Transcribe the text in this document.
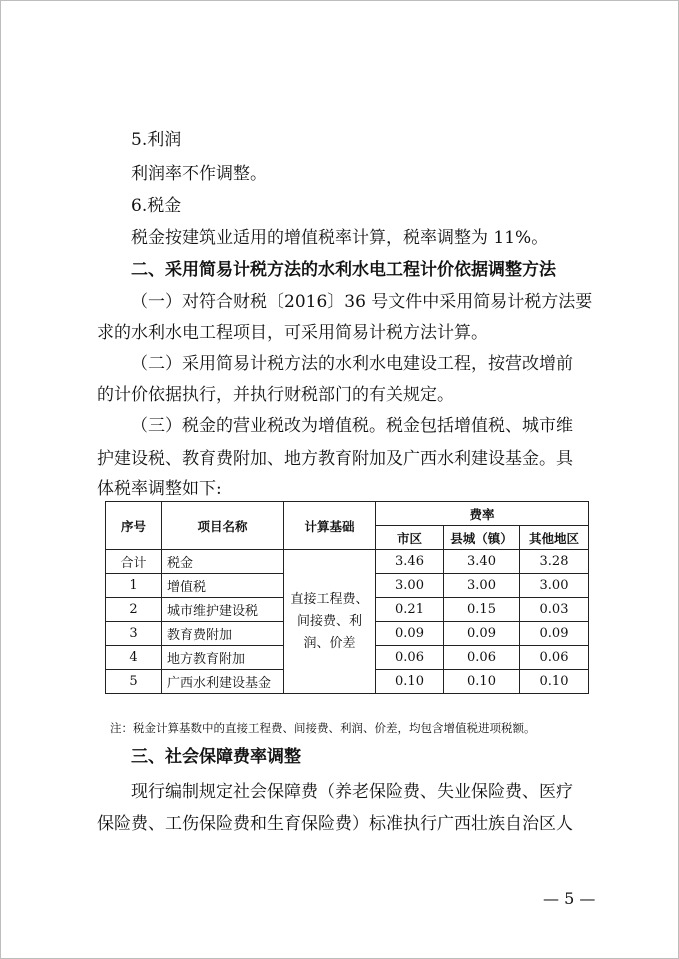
5.利润
利润率不作调整。
6.税金
税金按建筑业适用的增值税率计算，税率调整为 11%。
二、采用简易计税方法的水利水电工程计价依据调整方法
（一）对符合财税〔2016〕36 号文件中采用简易计税方法要
求的水利水电工程项目，可采用简易计税方法计算。
（二）采用简易计税方法的水利水电建设工程，按营改增前
的计价依据执行，并执行财税部门的有关规定。
（三）税金的营业税改为增值税。税金包括增值税、城市维
护建设税、教育费附加、地方教育附加及广西水利建设基金。具
体税率调整如下:
序号	项目名称	计算基础	费率		
			市区	县城（镇）	其他地区
合计	税金	直接工程费、
间接费、利
润、价差	3.46	3.40	3.28
1	增值税		3.00	3.00	3.00
2	城市维护建设税		0.21	0.15	0.03
3	教育费附加		0.09	0.09	0.09
4	地方教育附加		0.06	0.06	0.06
5	广西水利建设基金		0.10	0.10	0.10
注：税金计算基数中的直接工程费、间接费、利润、价差，均包含增值税进项税额。
三、社会保障费率调整
现行编制规定社会保障费（养老保险费、失业保险费、医疗
保险费、工伤保险费和生育保险费）标准执行广西壮族自治区人
— 5 —
